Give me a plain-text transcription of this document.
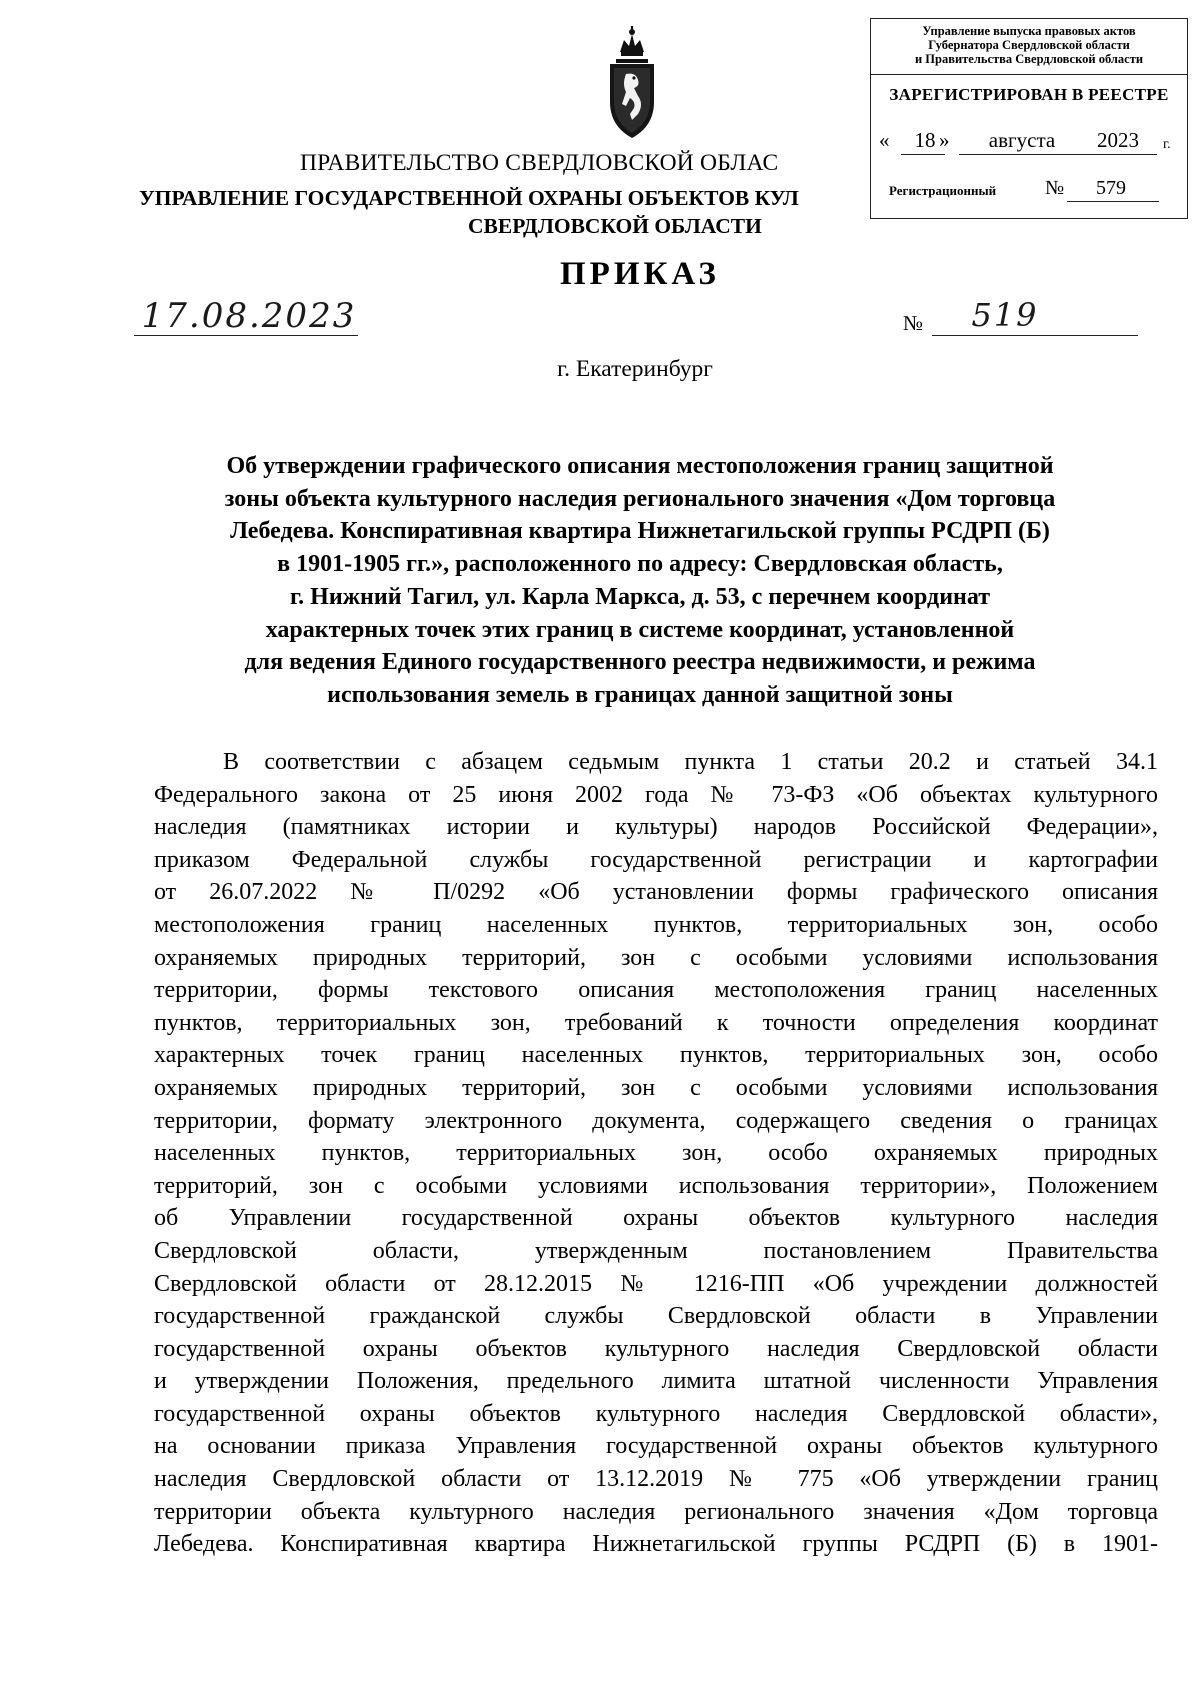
Управление выпуска правовых актов
Губернатора Свердловской области
и Правительства Свердловской области
ЗАРЕГИСТРИРОВАН В РЕЕСТРЕ
«	18 »	августа	2023	г.
Регистрационный №	579
ПРАВИТЕЛЬСТВО СВЕРДЛОВСКОЙ ОБЛАС
УПРАВЛЕНИЕ ГОСУДАРСТВЕННОЙ ОХРАНЫ ОБЪЕКТОВ КУЛ
СВЕРДЛОВСКОЙ ОБЛАСТИ
ПРИКАЗ
17.08.2023	№	519
г. Екатеринбург
Об утверждении графического описания местоположения границ защитной
зоны объекта культурного наследия регионального значения «Дом торговца
Лебедева. Конспиративная квартира Нижнетагильской группы РСДРП (Б)
в 1901-1905 гг.», расположенного по адресу: Свердловская область,
г. Нижний Тагил, ул. Карла Маркса, д. 53, с перечнем координат
характерных точек этих границ в системе координат, установленной
для ведения Единого государственного реестра недвижимости, и режима
использования земель в границах данной защитной зоны
В соответствии с абзацем седьмым пункта 1 статьи 20.2 и статьей 34.1
Федерального закона от 25 июня 2002 года № 73-ФЗ «Об объектах культурного
наследия (памятниках истории и культуры) народов Российской Федерации»,
приказом Федеральной службы государственной регистрации и картографии
от 26.07.2022 № П/0292 «Об установлении формы графического описания
местоположения границ населенных пунктов, территориальных зон, особо
охраняемых природных территорий, зон с особыми условиями использования
территории, формы текстового описания местоположения границ населенных
пунктов, территориальных зон, требований к точности определения координат
характерных точек границ населенных пунктов, территориальных зон, особо
охраняемых природных территорий, зон с особыми условиями использования
территории, формату электронного документа, содержащего сведения о границах
населенных пунктов, территориальных зон, особо охраняемых природных
территорий, зон с особыми условиями использования территории», Положением
об Управлении государственной охраны объектов культурного наследия
Свердловской области, утвержденным постановлением Правительства
Свердловской области от 28.12.2015 № 1216-ПП «Об учреждении должностей
государственной гражданской службы Свердловской области в Управлении
государственной охраны объектов культурного наследия Свердловской области
и утверждении Положения, предельного лимита штатной численности Управления
государственной охраны объектов культурного наследия Свердловской области»,
на основании приказа Управления государственной охраны объектов культурного
наследия Свердловской области от 13.12.2019 № 775 «Об утверждении границ
территории объекта культурного наследия регионального значения «Дом торговца
Лебедева. Конспиративная квартира Нижнетагильской группы РСДРП (Б) в 1901-
